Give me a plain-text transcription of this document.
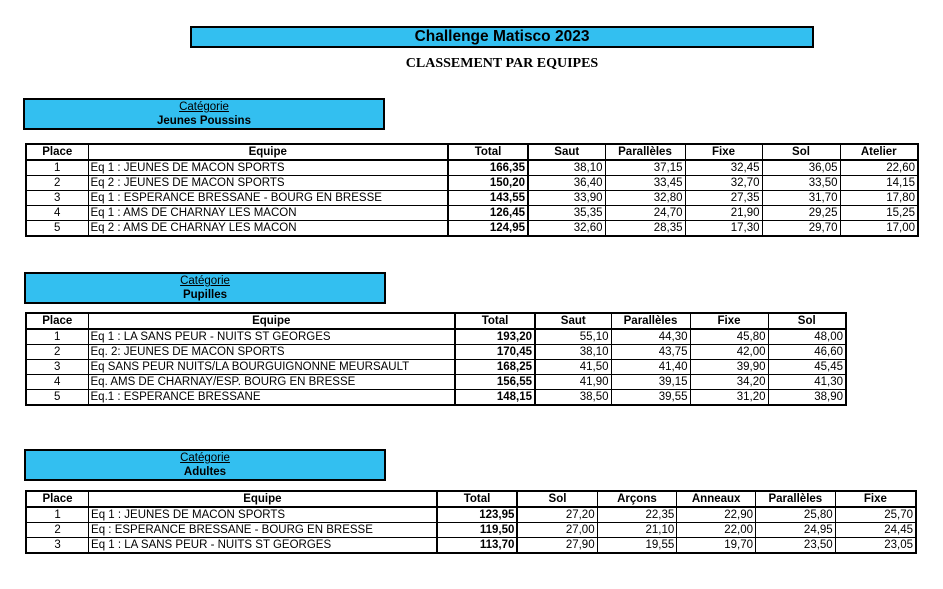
Challenge Matisco 2023
CLASSEMENT PAR EQUIPES
Catégorie
Jeunes Poussins
Place	Equipe	Total	Saut	Parallèles	Fixe	Sol	Atelier
1	Eq 1 : JEUNES DE MACON SPORTS	166,35	38,10	37,15	32,45	36,05	22,60
2	Eq 2 : JEUNES DE MACON SPORTS	150,20	36,40	33,45	32,70	33,50	14,15
3	Eq 1 : ESPERANCE BRESSANE - BOURG EN BRESSE	143,55	33,90	32,80	27,35	31,70	17,80
4	Eq 1 : AMS DE CHARNAY LES MACON	126,45	35,35	24,70	21,90	29,25	15,25
5	Eq 2 : AMS DE CHARNAY LES MACON	124,95	32,60	28,35	17,30	29,70	17,00
Catégorie
Pupilles
Place	Equipe	Total	Saut	Parallèles	Fixe	Sol
1	Eq 1 : LA SANS PEUR - NUITS ST GEORGES	193,20	55,10	44,30	45,80	48,00
2	Eq. 2: JEUNES DE MACON SPORTS	170,45	38,10	43,75	42,00	46,60
3	Eq SANS PEUR NUITS/LA BOURGUIGNONNE MEURSAULT	168,25	41,50	41,40	39,90	45,45
4	Eq. AMS DE CHARNAY/ESP. BOURG EN BRESSE	156,55	41,90	39,15	34,20	41,30
5	Eq.1 : ESPERANCE BRESSANE	148,15	38,50	39,55	31,20	38,90
Catégorie
Adultes
Place	Equipe	Total	Sol	Arçons	Anneaux	Parallèles	Fixe
1	Eq 1 : JEUNES DE MACON SPORTS	123,95	27,20	22,35	22,90	25,80	25,70
2	Eq : ESPERANCE BRESSANE - BOURG EN BRESSE	119,50	27,00	21,10	22,00	24,95	24,45
3	Eq 1 : LA SANS PEUR - NUITS ST GEORGES	113,70	27,90	19,55	19,70	23,50	23,05
